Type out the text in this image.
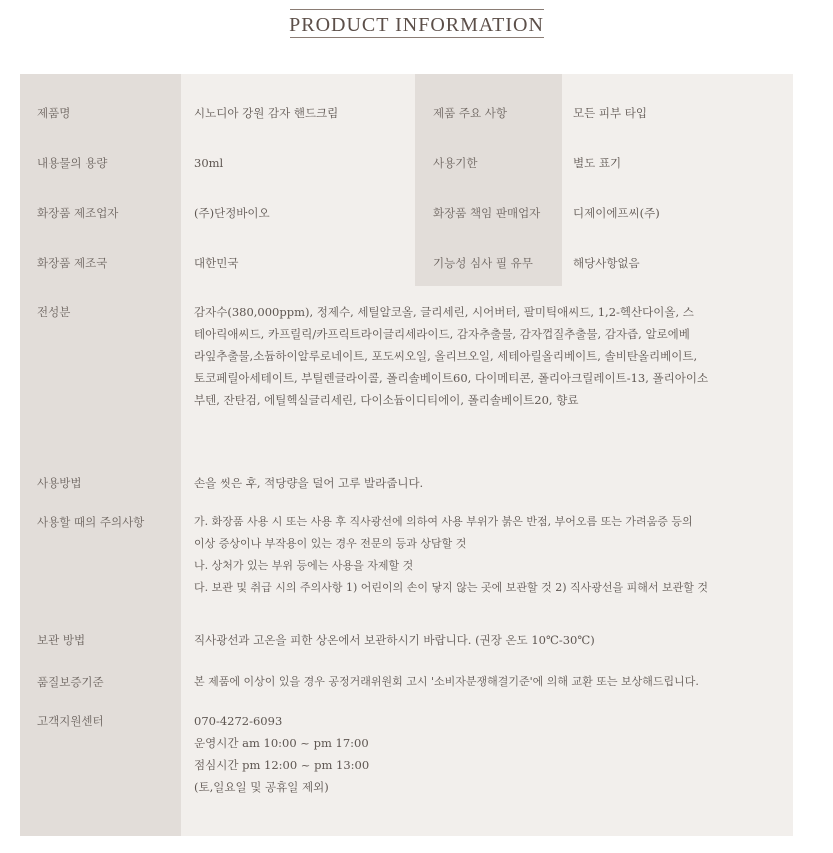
PRODUCT INFORMATION
제품명	시노디아 강원 감자 핸드크림	제품 주요 사항	모든 피부 타입
내용물의 용량	30ml	사용기한	별도 표기
화장품 제조업자	(주)단정바이오	화장품 책임 판매업자	디제이에프씨(주)
화장품 제조국	대한민국	기능성 심사 필 유무	해당사항없음
전성분	감자수(380,000ppm), 정제수, 세틸알코올, 글리세린, 시어버터, 팔미틱애씨드, 1,2-헥산다이올, 스
테아릭애씨드, 카프릴릭/카프릭트라이글리세라이드, 감자추출물, 감자껍질추출물, 감자즙, 알로에베
라잎추출물,소듐하이알루로네이트, 포도씨오일, 올리브오일, 세테아릴올리베이트, 솔비탄올리베이트,
토코페릴아세테이트, 부틸렌글라이콜, 폴리솔베이트60, 다이메티콘, 폴리아크릴레이트-13, 폴리아이소
부텐, 잔탄검, 에틸헥실글리세린, 다이소듐이디티에이, 폴리솔베이트20, 향료
사용방법	손을 씻은 후, 적당량을 덜어 고루 발라줍니다.
사용할 때의 주의사항	가. 화장품 사용 시 또는 사용 후 직사광선에 의하여 사용 부위가 붉은 반점, 부어오름 또는 가려움증 등의
이상 증상이나 부작용이 있는 경우 전문의 등과 상담할 것
나. 상처가 있는 부위 등에는 사용을 자제할 것
다. 보관 및 취급 시의 주의사항 1) 어린이의 손이 닿지 않는 곳에 보관할 것 2) 직사광선을 피해서 보관할 것
보관 방법	직사광선과 고온을 피한 상온에서 보관하시기 바랍니다. (권장 온도 10℃-30℃)
품질보증기준	본 제품에 이상이 있을 경우 공정거래위원회 고시 '소비자분쟁해결기준'에 의해 교환 또는 보상해드립니다.
고객지원센터	070-4272-6093
운영시간 am 10:00 ~ pm 17:00
점심시간 pm 12:00 ~ pm 13:00
(토,일요일 및 공휴일 제외)
